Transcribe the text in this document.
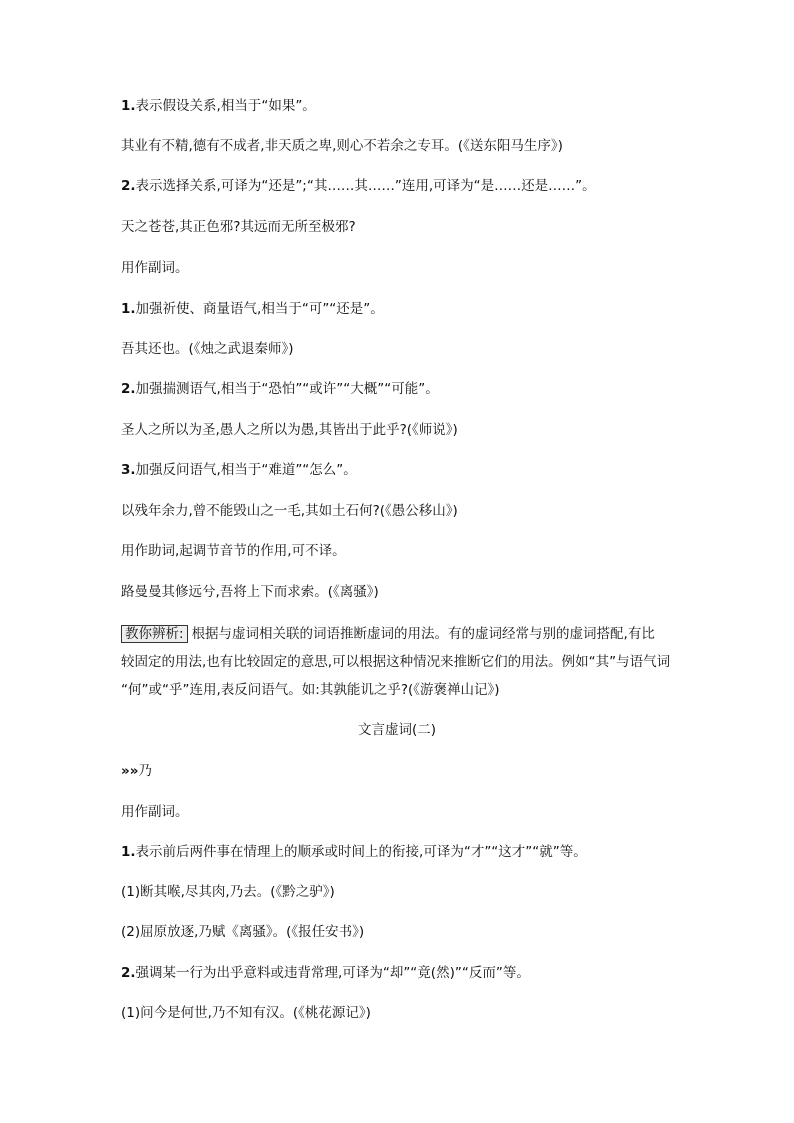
1.表示假设关系,相当于“如果”。
其业有不精,德有不成者,非天质之卑,则心不若余之专耳。(《送东阳马生序》)
2.表示选择关系,可译为“还是”;“其……其……”连用,可译为“是……还是……”。
天之苍苍,其正色邪?其远而无所至极邪?
用作副词。
1.加强祈使、商量语气,相当于“可”“还是”。
吾其还也。(《烛之武退秦师》)
2.加强揣测语气,相当于“恐怕”“或许”“大概”“可能”。
圣人之所以为圣,愚人之所以为愚,其皆出于此乎?(《师说》)
3.加强反问语气,相当于“难道”“怎么”。
以残年余力,曾不能毁山之一毛,其如土石何?(《愚公移山》)
用作助词,起调节音节的作用,可不译。
路曼曼其修远兮,吾将上下而求索。(《离骚》)
教你辨析: 根据与虚词相关联的词语推断虚词的用法。有的虚词经常与别的虚词搭配,有比
较固定的用法,也有比较固定的意思,可以根据这种情况来推断它们的用法。例如“其”与语气词
“何”或“乎”连用,表反问语气。如:其孰能讥之乎?(《游褒禅山记》)
文言虚词(二)
» » 乃
用作副词。
1.表示前后两件事在情理上的顺承或时间上的衔接,可译为“才”“这才”“就”等。
(1)断其喉,尽其肉,乃去。(《黔之驴》)
(2)屈原放逐,乃赋《离骚》。(《报任安书》)
2.强调某一行为出乎意料或违背常理,可译为“却”“竟(然)”“反而”等。
(1)问今是何世,乃不知有汉。(《桃花源记》)
